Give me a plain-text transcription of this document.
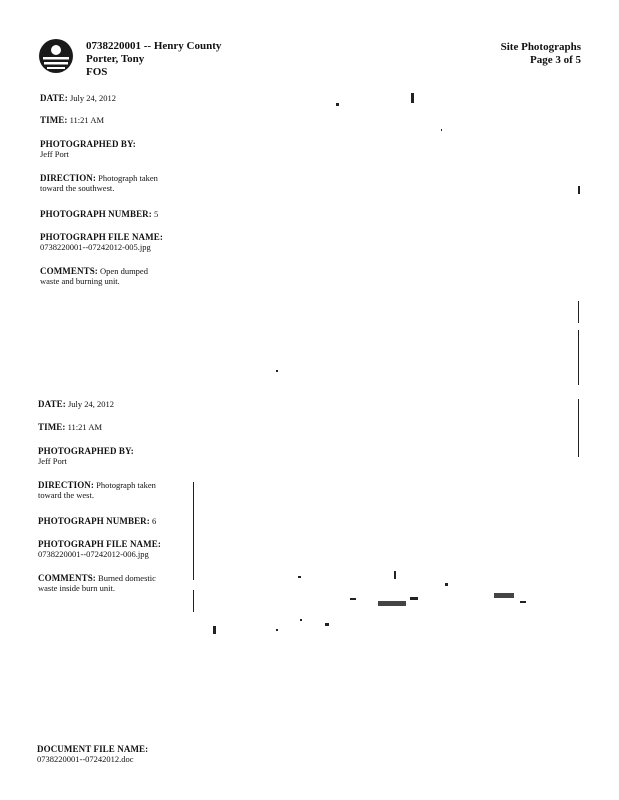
0738220001 -- Henry County
Porter, Tony
FOS
Site Photographs
Page 3 of 5
DATE: July 24, 2012
TIME: 11:21 AM
PHOTOGRAPHED BY:
Jeff Port
DIRECTION: Photograph taken
toward the southwest.
PHOTOGRAPH NUMBER: 5
PHOTOGRAPH FILE NAME:
0738220001--07242012-005.jpg
COMMENTS: Open dumped
waste and burning unit.
DATE: July 24, 2012
TIME: 11:21 AM
PHOTOGRAPHED BY:
Jeff Port
DIRECTION: Photograph taken
toward the west.
PHOTOGRAPH NUMBER: 6
PHOTOGRAPH FILE NAME:
0738220001--07242012-006.jpg
COMMENTS: Burned domestic
waste inside burn unit.
DOCUMENT FILE NAME:
0738220001--07242012.doc
